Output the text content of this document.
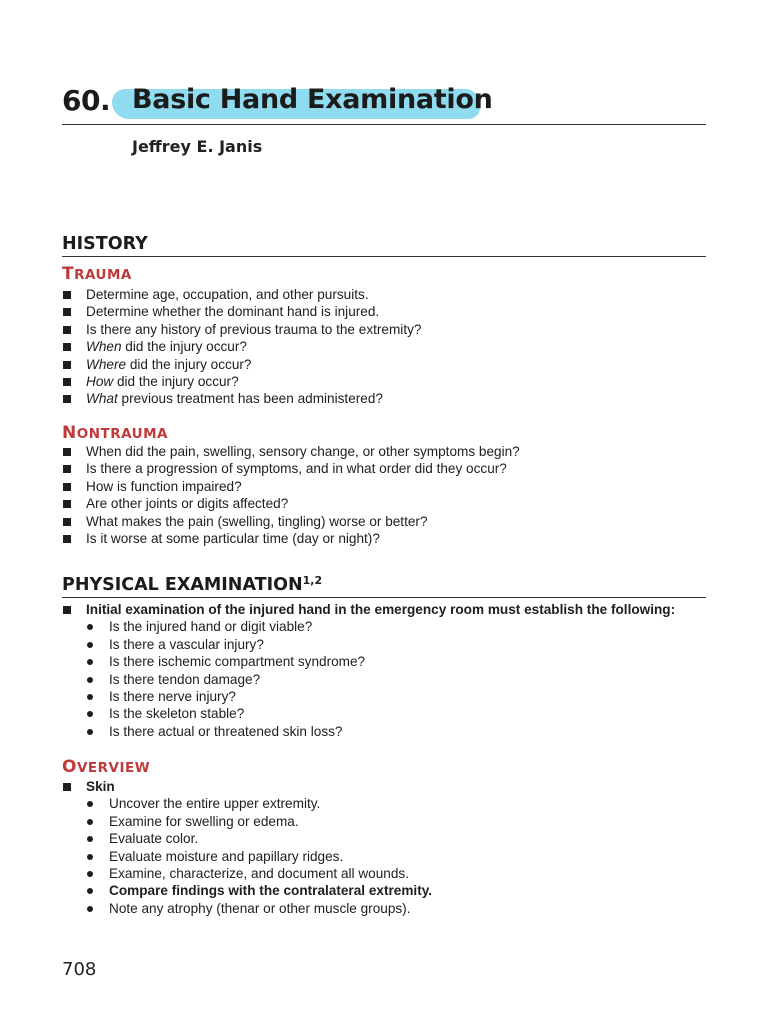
60. Basic Hand Examination
Jeffrey E. Janis
HISTORY
TRAUMA
Determine age, occupation, and other pursuits.
Determine whether the dominant hand is injured.
Is there any history of previous trauma to the extremity?
When did the injury occur?
Where did the injury occur?
How did the injury occur?
What previous treatment has been administered?
NONTRAUMA
When did the pain, swelling, sensory change, or other symptoms begin?
Is there a progression of symptoms, and in what order did they occur?
How is function impaired?
Are other joints or digits affected?
What makes the pain (swelling, tingling) worse or better?
Is it worse at some particular time (day or night)?
PHYSICAL EXAMINATION$^{1,2}$
Initial examination of the injured hand in the emergency room must establish the following:
Is the injured hand or digit viable?
Is there a vascular injury?
Is there ischemic compartment syndrome?
Is there tendon damage?
Is there nerve injury?
Is the skeleton stable?
Is there actual or threatened skin loss?
OVERVIEW
Skin
Uncover the entire upper extremity.
Examine for swelling or edema.
Evaluate color.
Evaluate moisture and papillary ridges.
Examine, characterize, and document all wounds.
Compare findings with the contralateral extremity.
Note any atrophy (thenar or other muscle groups).
708
